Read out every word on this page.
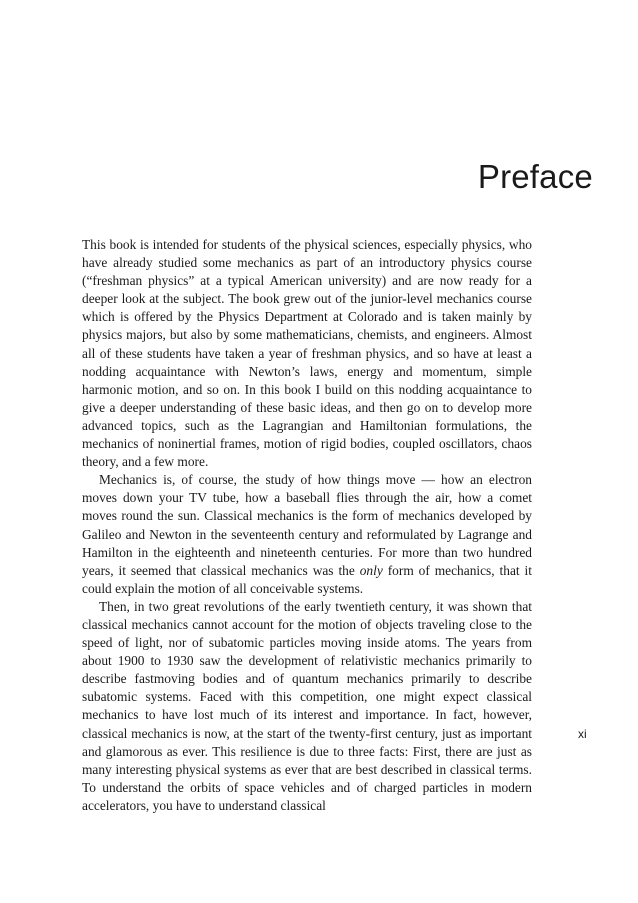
Preface

This book is intended for students of the physical sciences, especially physics, who have already studied some mechanics as part of an introductory physics course (“freshman physics” at a typical American university) and are now ready for a deeper look at the subject. The book grew out of the junior-level mechanics course which is offered by the Physics Department at Colorado and is taken mainly by physics majors, but also by some mathematicians, chemists, and engineers. Almost all of these students have taken a year of freshman physics, and so have at least a nodding acquaintance with Newton’s laws, energy and momentum, simple harmonic motion, and so on. In this book I build on this nodding acquaintance to give a deeper understanding of these basic ideas, and then go on to develop more advanced topics, such as the Lagrangian and Hamiltonian formulations, the mechanics of noninertial frames, motion of rigid bodies, coupled oscillators, chaos theory, and a few more.

Mechanics is, of course, the study of how things move — how an electron moves down your TV tube, how a baseball flies through the air, how a comet moves round the sun. Classical mechanics is the form of mechanics developed by Galileo and Newton in the seventeenth century and reformulated by Lagrange and Hamilton in the eighteenth and nineteenth centuries. For more than two hundred years, it seemed that classical mechanics was the only form of mechanics, that it could explain the motion of all conceivable systems.

Then, in two great revolutions of the early twentieth century, it was shown that classical mechanics cannot account for the motion of objects traveling close to the speed of light, nor of subatomic particles moving inside atoms. The years from about 1900 to 1930 saw the development of relativistic mechanics primarily to describe fastmoving bodies and of quantum mechanics primarily to describe subatomic systems. Faced with this competition, one might expect classical mechanics to have lost much of its interest and importance. In fact, however, classical mechanics is now, at the start of the twenty-first century, just as important and glamorous as ever. This resilience is due to three facts: First, there are just as many interesting physical systems as ever that are best described in classical terms. To understand the orbits of space vehicles and of charged particles in modern accelerators, you have to understand classical

xi
